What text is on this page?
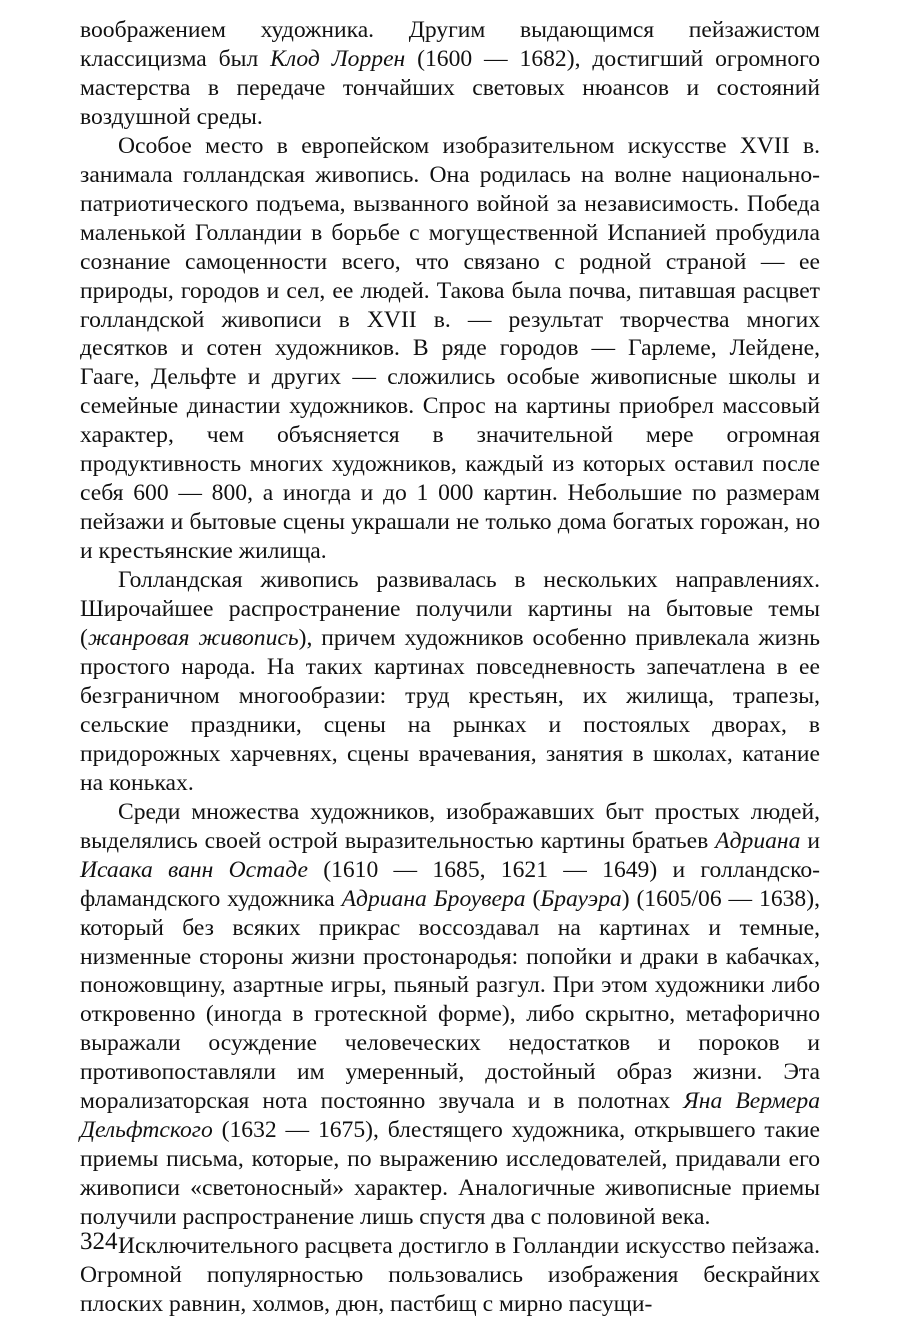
воображением художника. Другим выдающимся пейзажистом классицизма был Клод Лоррен (1600 — 1682), достигший огромного мастерства в передаче тончайших световых нюансов и состояний воздушной среды.

Особое место в европейском изобразительном искусстве XVII в. занимала голландская живопись. Она родилась на волне национально-патриотического подъема, вызванного войной за независимость. Победа маленькой Голландии в борьбе с могущественной Испанией пробудила сознание самоценности всего, что связано с родной страной — ее природы, городов и сел, ее людей. Такова была почва, питавшая расцвет голландской живописи в XVII в. — результат творчества многих десятков и сотен художников. В ряде городов — Гарлеме, Лейдене, Гааге, Дельфте и других — сложились особые живописные школы и семейные династии художников. Спрос на картины приобрел массовый характер, чем объясняется в значительной мере огромная продуктивность многих художников, каждый из которых оставил после себя 600 — 800, а иногда и до 1 000 картин. Небольшие по размерам пейзажи и бытовые сцены украшали не только дома богатых горожан, но и крестьянские жилища.

Голландская живопись развивалась в нескольких направлениях. Широчайшее распространение получили картины на бытовые темы (жанровая живопись), причем художников особенно привлекала жизнь простого народа. На таких картинах повседневность запечатлена в ее безграничном многообразии: труд крестьян, их жилища, трапезы, сельские праздники, сцены на рынках и постоялых дворах, в придорожных харчевнях, сцены врачевания, занятия в школах, катание на коньках.

Среди множества художников, изображавших быт простых людей, выделялись своей острой выразительностью картины братьев Адриана и Исаака ванн Остаде (1610 — 1685, 1621 — 1649) и голландско-фламандского художника Адриана Броувера (Брауэра) (1605/06 — 1638), который без всяких прикрас воссоздавал на картинах и темные, низменные стороны жизни простонародья: попойки и драки в кабачках, поножовщину, азартные игры, пьяный разгул. При этом художники либо откровенно (иногда в гротескной форме), либо скрытно, метафорично выражали осуждение человеческих недостатков и пороков и противопоставляли им умеренный, достойный образ жизни. Эта морализаторская нота постоянно звучала и в полотнах Яна Вермера Дельфтского (1632 — 1675), блестящего художника, открывшего такие приемы письма, которые, по выражению исследователей, придавали его живописи «светоносный» характер. Аналогичные живописные приемы получили распространение лишь спустя два с половиной века.

Исключительного расцвета достигло в Голландии искусство пейзажа. Огромной популярностью пользовались изображения бескрайних плоских равнин, холмов, дюн, пастбищ с мирно пасущи-

324
